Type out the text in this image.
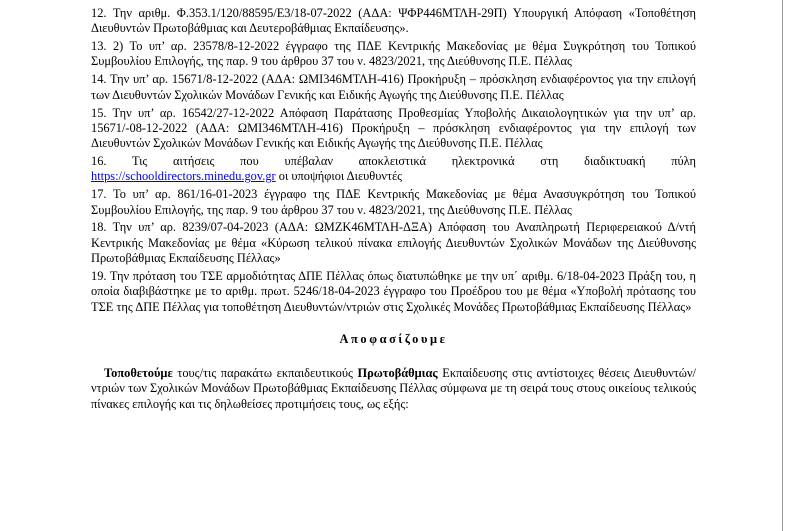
12. Την αριθμ. Φ.353.1/120/88595/Ε3/18-07-2022 (ΑΔΑ: ΨΦΡ446ΜΤΛΗ-29Π) Υπουργική Απόφαση «Τοποθέτηση Διευθυντών Πρωτοβάθμιας και Δευτεροβάθμιας Εκπαίδευσης».

13. 2) Το υπ’ αρ. 23578/8-12-2022 έγγραφο της ΠΔΕ Κεντρικής Μακεδονίας με θέμα Συγκρότηση του Τοπικού Συμβουλίου Επιλογής, της παρ. 9 του άρθρου 37 του ν. 4823/2021, της Διεύθυνσης Π.Ε. Πέλλας

14. Την υπ’ αρ. 15671/8-12-2022 (ΑΔΑ: ΩΜΙ346ΜΤΛΗ-416) Προκήρυξη – πρόσκληση ενδιαφέροντος για την επιλογή των Διευθυντών Σχολικών Μονάδων Γενικής και Ειδικής Αγωγής της Διεύθυνσης Π.Ε. Πέλλας

15. Την υπ’ αρ. 16542/27-12-2022 Απόφαση Παράτασης Προθεσμίας Υποβολής Δικαιολογητικών για την υπ’ αρ. 15671/-08-12-2022 (ΑΔΑ: ΩΜΙ346ΜΤΛΗ-416) Προκήρυξη – πρόσκληση ενδιαφέροντος για την επιλογή των Διευθυντών Σχολικών Μονάδων Γενικής και Ειδικής Αγωγής της Διεύθυνσης Π.Ε. Πέλλας

16. Τις αιτήσεις που υπέβαλαν αποκλειστικά ηλεκτρονικά στη διαδικτυακή πύλη
https://schooldirectors.minedu.gov.gr οι υποψήφιοι Διευθυντές

17. Το υπ’ αρ. 861/16-01-2023 έγγραφο της ΠΔΕ Κεντρικής Μακεδονίας με θέμα Ανασυγκρότηση του Τοπικού Συμβουλίου Επιλογής, της παρ. 9 του άρθρου 37 του ν. 4823/2021, της Διεύθυνσης Π.Ε. Πέλλας

18. Την υπ’ αρ. 8239/07-04-2023 (ΑΔΑ: ΩΜΖΚ46ΜΤΛΗ-ΔΞΑ) Απόφαση του Αναπληρωτή Περιφερειακού Δ/ντή Κεντρικής Μακεδονίας με θέμα «Κύρωση τελικού πίνακα επιλογής Διευθυντών Σχολικών Μονάδων της Διεύθυνσης Πρωτοβάθμιας Εκπαίδευσης Πέλλας»

19. Την πρόταση του ΤΣΕ αρμοδιότητας ΔΠΕ Πέλλας όπως διατυπώθηκε με την υπ΄ αριθμ. 6/18-04-2023 Πράξη του, η οποία διαβιβάστηκε με το αριθμ. πρωτ. 5246/18-04-2023 έγγραφο του Προέδρου του με θέμα «Υποβολή πρότασης του ΤΣΕ της ΔΠΕ Πέλλας για τοποθέτηση Διευθυντών/ντριών στις Σχολικές Μονάδες Πρωτοβάθμιας Εκπαίδευσης Πέλλας»

Αποφασίζουμε

Τοποθετούμε τους/τις παρακάτω εκπαιδευτικούς Πρωτοβάθμιας Εκπαίδευσης στις αντίστοιχες θέσεις Διευθυντών/ντριών των Σχολικών Μονάδων Πρωτοβάθμιας Εκπαίδευσης Πέλλας σύμφωνα με τη σειρά τους στους οικείους τελικούς πίνακες επιλογής και τις δηλωθείσες προτιμήσεις τους, ως εξής:
